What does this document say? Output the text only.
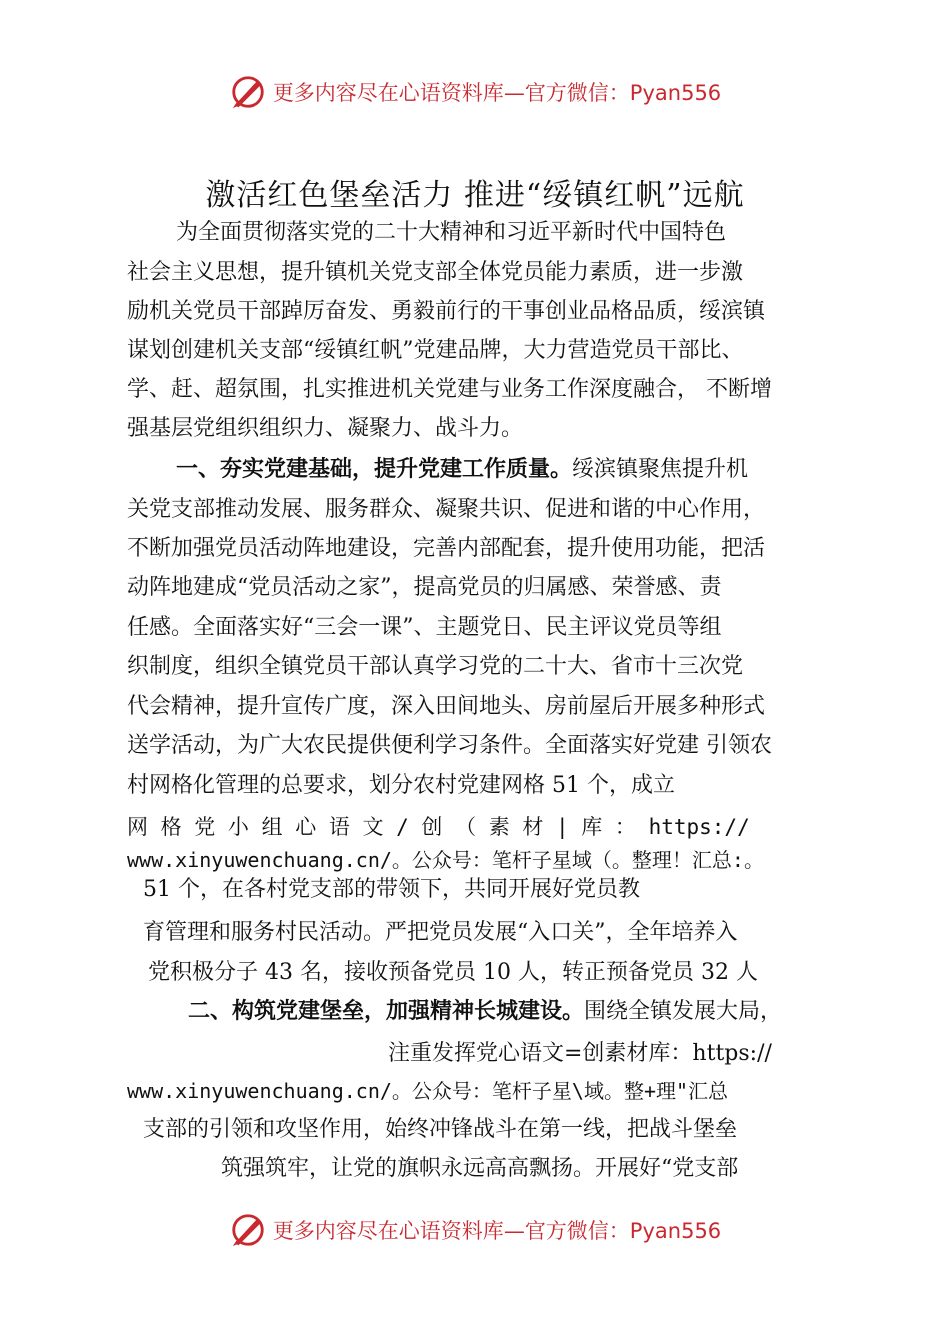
更多内容尽在心语资料库—官方微信：Pyan556
激活红色堡垒活力 推进“绥镇红帆”远航
为全面贯彻落实党的二十大精神和习近平新时代中国特色
社会主义思想，提升镇机关党支部全体党员能力素质，进一步激
励机关党员干部踔厉奋发、勇毅前行的干事创业品格品质，绥滨镇
谋划创建机关支部“绥镇红帆”党建品牌，大力营造党员干部比、
学、赶、超氛围，扎实推进机关党建与业务工作深度融合， 不断增
强基层党组织组织力、凝聚力、战斗力。
一、夯实党建基础，提升党建工作质量。绥滨镇聚焦提升机
关党支部推动发展、服务群众、凝聚共识、促进和谐的中心作用，
不断加强党员活动阵地建设，完善内部配套，提升使用功能，把活
动阵地建成“党员活动之家”，提高党员的归属感、荣誉感、责
任感。全面落实好“三会一课”、主题党日、民主评议党员等组
织制度，组织全镇党员干部认真学习党的二十大、省市十三次党
代会精神，提升宣传广度，深入田间地头、房前屋后开展多种形式
送学活动，为广大农民提供便利学习条件。全面落实好党建 引领农
村网格化管理的总要求，划分农村党建网格 51 个，成立
网 格 党 小 组 心 语 文 / 创 （ 素 材 | 库 ： https://
www.xinyuwenchuang.cn/。公众号：笔杆子星域（。整理！汇总:。
51 个，在各村党支部的带领下，共同开展好党员教
育管理和服务村民活动。严把党员发展“入口关”，全年培养入
党积极分子 43 名，接收预备党员 10 人，转正预备党员 32 人
二、构筑党建堡垒，加强精神长城建设。围绕全镇发展大局，
注重发挥党心语文=创素材库：https://
www.xinyuwenchuang.cn/。公众号：笔杆子星\域。整+理"汇总
支部的引领和攻坚作用，始终冲锋战斗在第一线，把战斗堡垒
筑强筑牢，让党的旗帜永远高高飘扬。开展好“党支部
更多内容尽在心语资料库—官方微信：Pyan556
